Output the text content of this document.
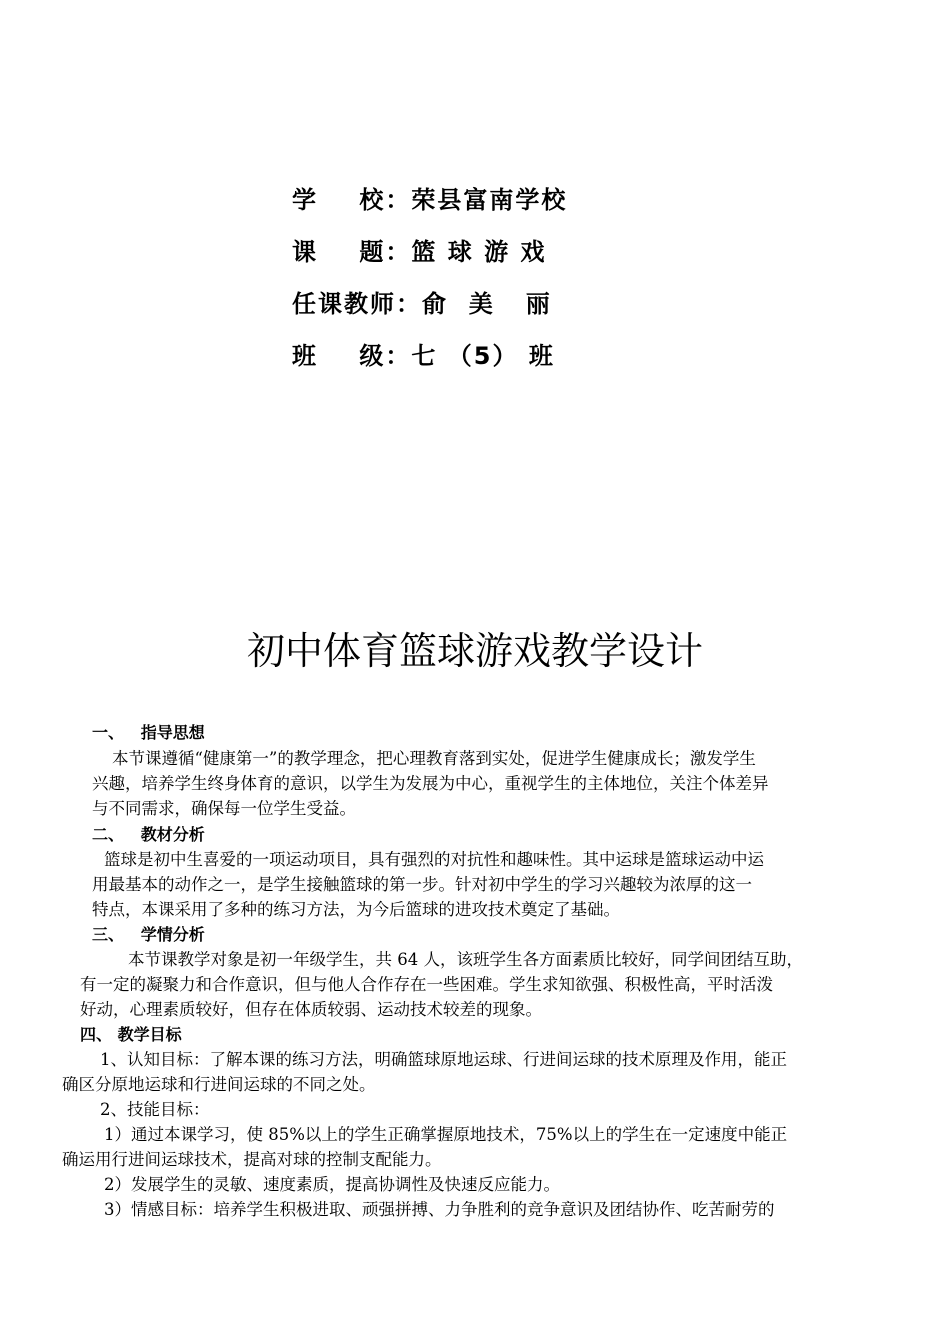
学    校：荣县富南学校
课    题：篮 球 游 戏
任课教师：俞  美   丽
班    级：七 （5） 班
初中体育篮球游戏教学设计
一、   指导思想
本节课遵循“健康第一”的教学理念，把心理教育落到实处，促进学生健康成长；激发学生
兴趣，培养学生终身体育的意识，以学生为发展为中心，重视学生的主体地位，关注个体差异
与不同需求，确保每一位学生受益。
二、   教材分析
篮球是初中生喜爱的一项运动项目，具有强烈的对抗性和趣味性。其中运球是篮球运动中运
用最基本的动作之一，是学生接触篮球的第一步。针对初中学生的学习兴趣较为浓厚的这一
特点，本课采用了多种的练习方法，为今后篮球的进攻技术奠定了基础。
三、   学情分析
本节课教学对象是初一年级学生，共 64 人，该班学生各方面素质比较好，同学间团结互助，
有一定的凝聚力和合作意识，但与他人合作存在一些困难。学生求知欲强、积极性高，平时活泼
好动，心理素质较好，但存在体质较弱、运动技术较差的现象。
四、 教学目标
1、认知目标：了解本课的练习方法，明确篮球原地运球、行进间运球的技术原理及作用，能正
确区分原地运球和行进间运球的不同之处。
2、技能目标：
1）通过本课学习，使 85%以上的学生正确掌握原地技术，75%以上的学生在一定速度中能正
确运用行进间运球技术，提高对球的控制支配能力。
2）发展学生的灵敏、速度素质，提高协调性及快速反应能力。
3）情感目标：培养学生积极进取、顽强拼搏、力争胜利的竞争意识及团结协作、吃苦耐劳的
